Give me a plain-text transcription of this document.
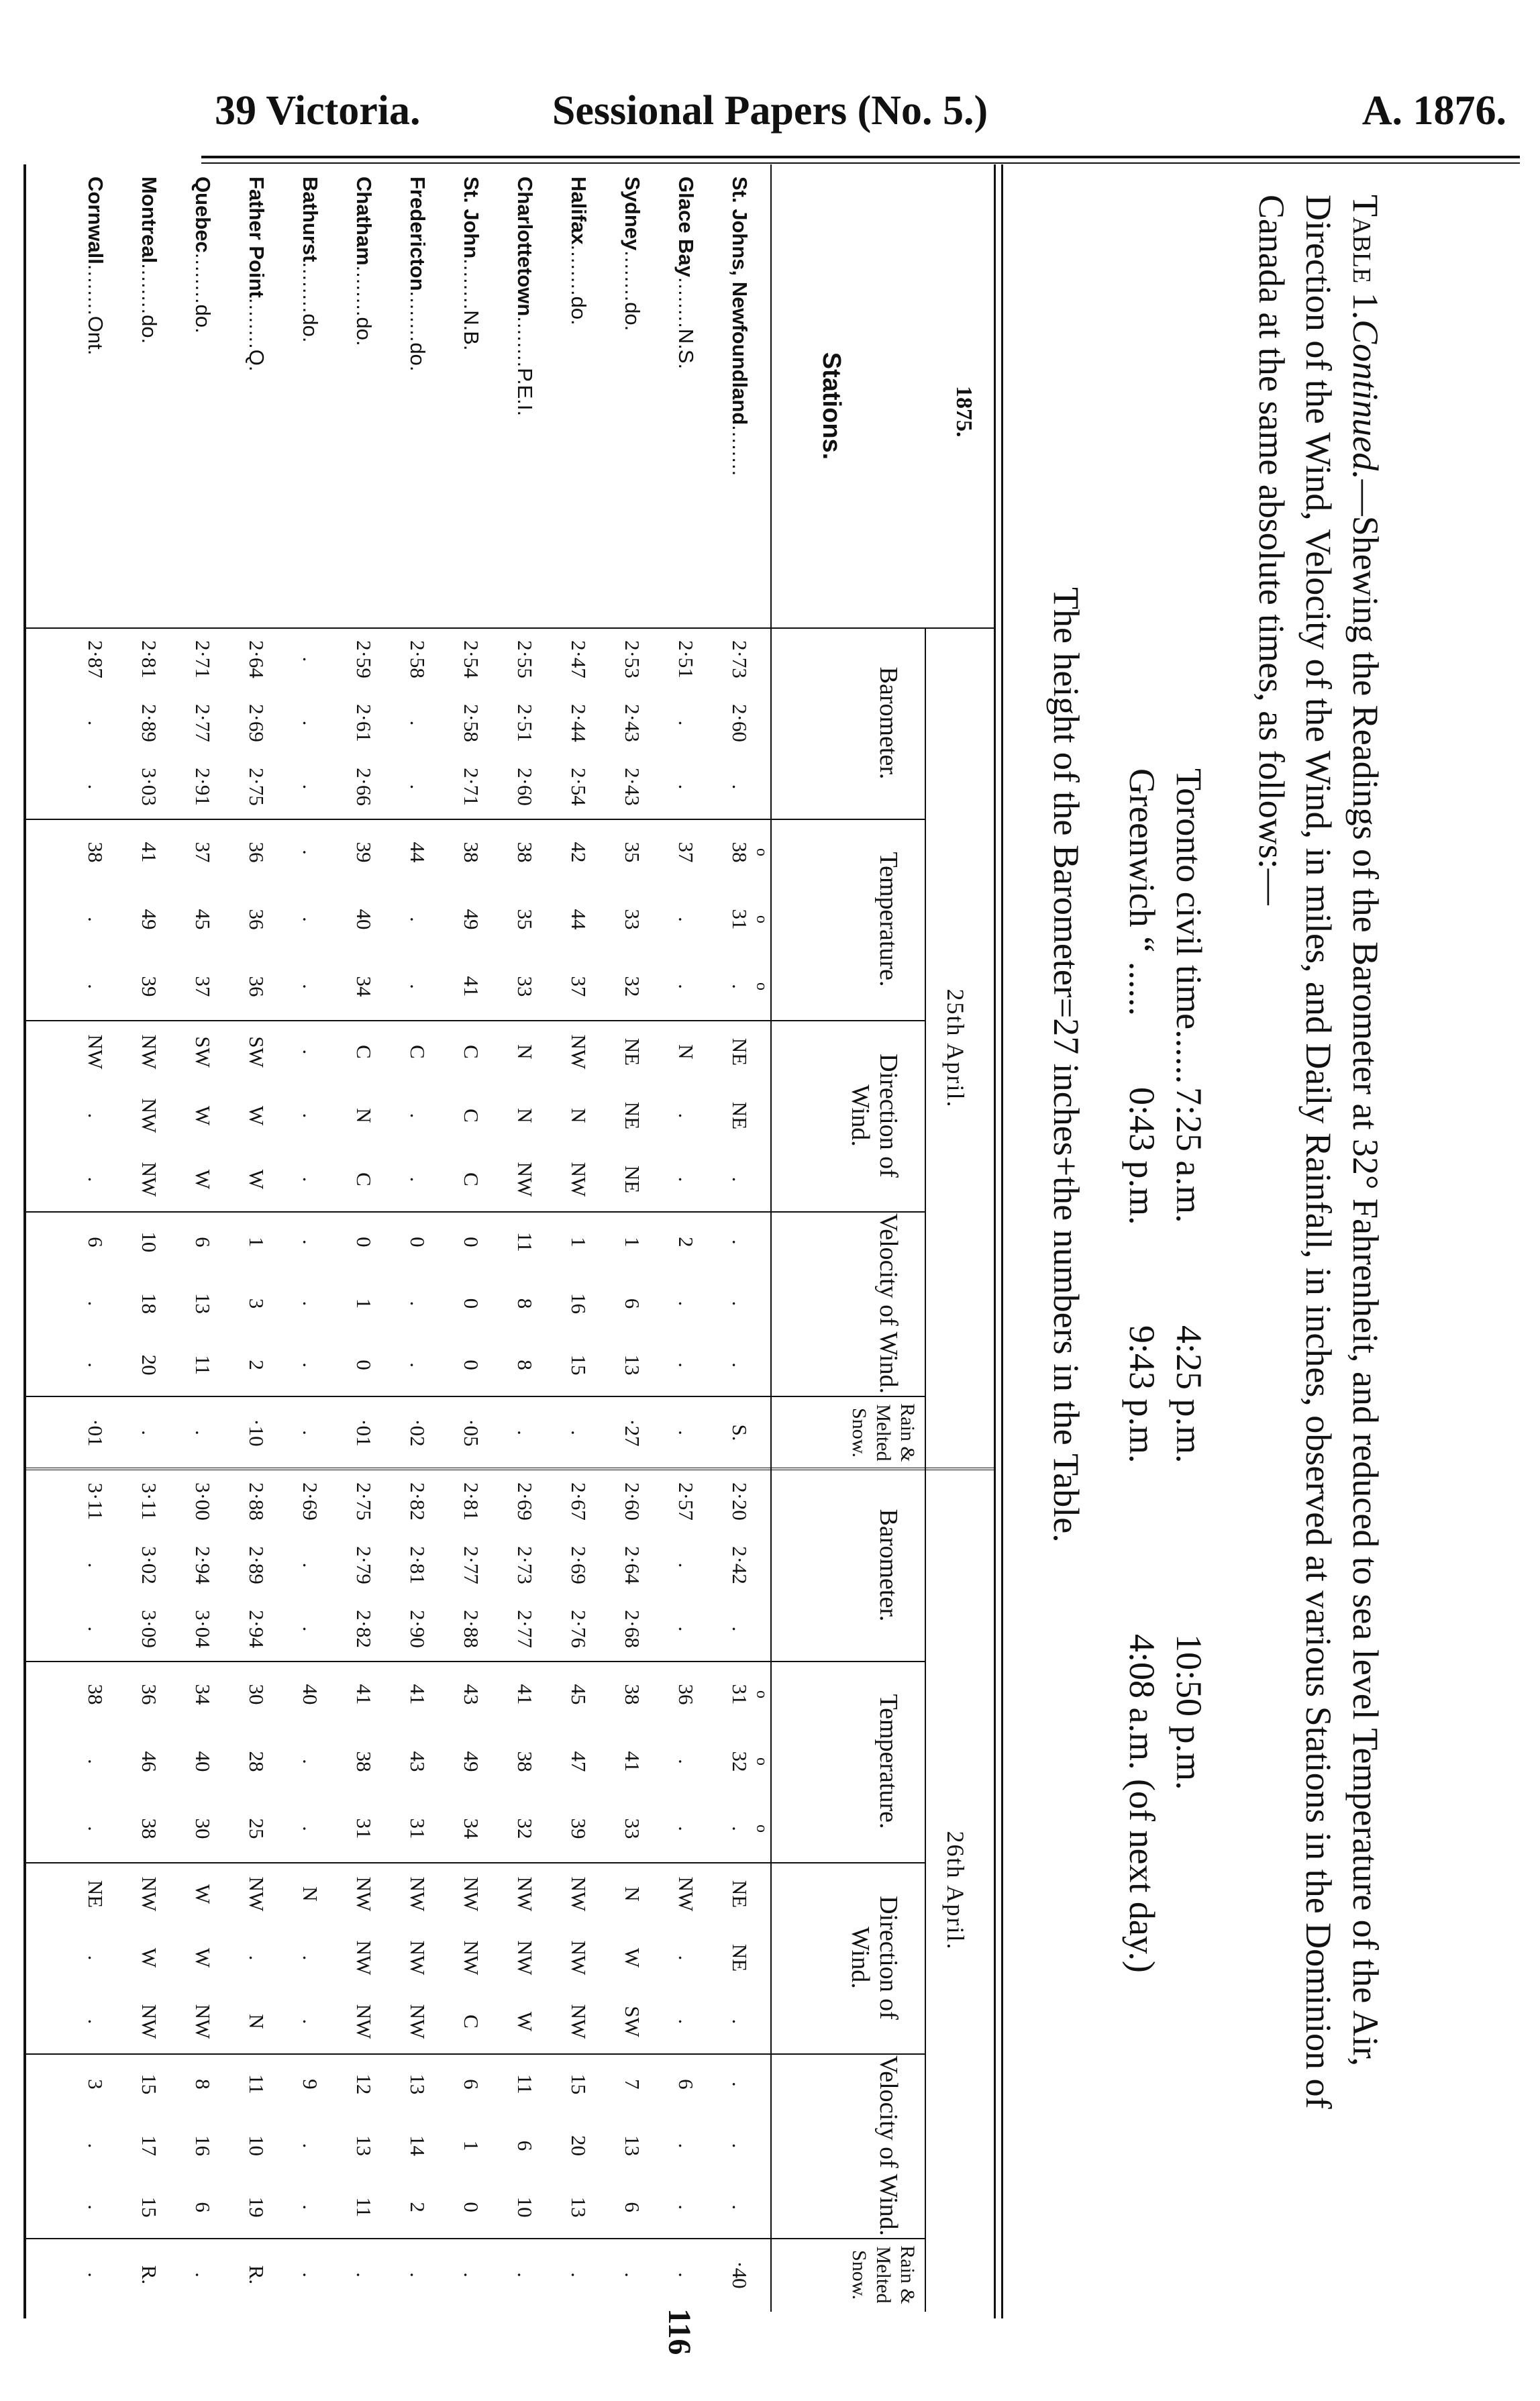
39 Victoria.	Sessional Papers (No. 5.)	A. 1876.
Table 1.Continued.—Shewing the Readings of the Barometer at 32° Fahrenheit, and reduced to sea level Temperature of the Air, Direction of the Wind, Velocity of the Wind, in miles, and Daily Rainfall, in inches, observed at various Stations in the Dominion of Canada at the same absolute times, as follows:—
Toronto civil time......
7:25 a.m.
4:25 p.m.
10:50 p.m.
Greenwich “ ......
0:43 p.m.
9:43 p.m.
4:08 a.m. (of next day.)
The height of the Barometer=27 inches+the numbers in the Table.
1875.
Stations.
25th April.
Barometer.
Temperature.
o
o
o
Direction of Wind.
Velocity of Wind.
Rain & Melted Snow.
26th April.
Barometer.
Temperature.
o
o
o
Direction of Wind.
Velocity of Wind.
Rain & Melted Snow.
St. Johns, Newfoundland........
2·73
2·60
.
38
31
.
NE
NE
.
.
.
.
S.
2·20
2·42
.
31
32
.
NE
NE
.
.
.
.
·40
Glace Bay........N.S.
2·51
.
.
37
.
.
N
.
.
2
.
.
.
2·57
.
.
36
.
.
NW
.
.
6
.
.
.
Sydney........do.
2·53
2·43
2·43
35
33
32
NE
NE
NE
1
6
13
·27
2·60
2·64
2·68
38
41
33
N
W
SW
7
13
6
.
Halifax........do.
2·47
2·44
2·54
42
44
37
NW
N
NW
1
16
15
.
2·67
2·69
2·76
45
47
39
NW
NW
NW
15
20
13
.
Charlottetown........P.E.I.
2·55
2·51
2·60
38
35
33
N
N
NW
11
8
8
.
2·69
2·73
2·77
41
38
32
NW
NW
W
11
6
10
.
St. John........N.B.
2·54
2·58
2·71
38
49
41
C
C
C
0
0
0
·05
2·81
2·77
2·88
43
49
34
NW
NW
C
6
1
0
.
Fredericton........do.
2·58
.
.
44
.
.
C
.
.
0
.
.
·02
2·82
2·81
2·90
41
43
31
NW
NW
NW
13
14
2
.
Chatham........do.
2·59
2·61
2·66
39
40
34
C
N
C
0
1
0
·01
2·75
2·79
2·82
41
38
31
NW
NW
NW
12
13
11
.
Bathurst........do.
.
.
.
.
.
.
.
.
.
.
.
.
.
2·69
.
.
40
.
.
N
.
.
9
.
.
.
Father Point........Q.
2·64
2·69
2·75
36
36
36
SW
W
W
1
3
2
·10
2·88
2·89
2·94
30
28
25
NW
.
N
11
10
19
R.
Quebec........do.
2·71
2·77
2·91
37
45
37
SW
W
W
6
13
11
.
3·00
2·94
3·04
34
40
30
W
W
NW
8
16
6
.
Montreal........do.
2·81
2·89
3·03
41
49
39
NW
NW
NW
10
18
20
.
3·11
3·02
3·09
36
46
38
NW
W
NW
15
17
15
R.
Cornwall........Ont.
2·87
.
.
38
.
.
NW
.
.
6
.
.
·01
3·11
.
.
38
.
.
NE
.
.
3
.
.
.
116
